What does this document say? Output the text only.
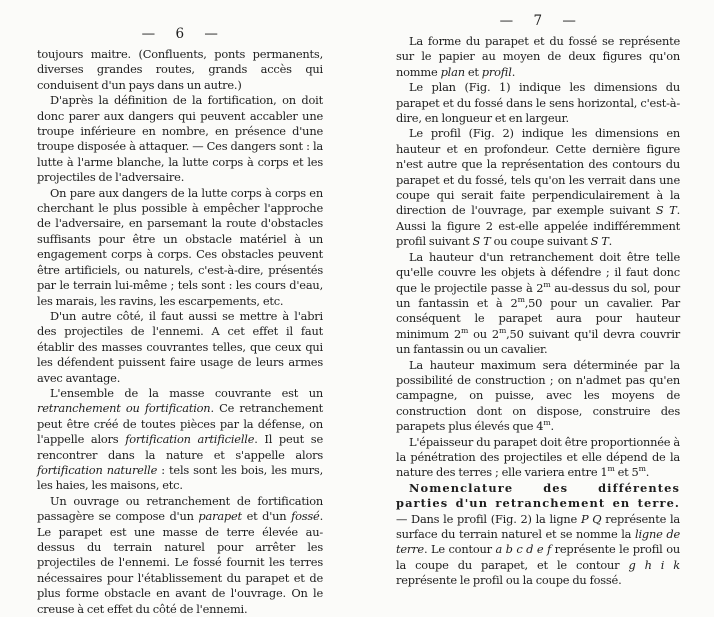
— 6 —
toujours maitre. (Confluents, ponts permanents, diverses grandes routes, grands accès qui conduisent d'un pays dans un autre.)
D'après la définition de la fortification, on doit donc parer aux dangers qui peuvent accabler une troupe inférieure en nombre, en présence d'une troupe disposée à attaquer. — Ces dangers sont : la lutte à l'arme blanche, la lutte corps à corps et les projectiles de l'adversaire.
On pare aux dangers de la lutte corps à corps en cherchant le plus possible à empêcher l'approche de l'adversaire, en parsemant la route d'obstacles suffisants pour être un obstacle matériel à un engagement corps à corps. Ces obstacles peuvent être artificiels, ou naturels, c'est-à-dire, présentés par le terrain lui-même ; tels sont : les cours d'eau, les marais, les ravins, les escarpements, etc.
D'un autre côté, il faut aussi se mettre à l'abri des projectiles de l'ennemi. A cet effet il faut établir des masses couvrantes telles, que ceux qui les défendent puissent faire usage de leurs armes avec avantage.
L'ensemble de la masse couvrante est un retranchement ou fortification. Ce retranchement peut être créé de toutes pièces par la défense, on l'appelle alors fortification artificielle. Il peut se rencontrer dans la nature et s'appelle alors fortification naturelle : tels sont les bois, les murs, les haies, les maisons, etc.
Un ouvrage ou retranchement de fortification passagère se compose d'un parapet et d'un fossé. Le parapet est une masse de terre élevée au-dessus du terrain naturel pour arrêter les projectiles de l'ennemi. Le fossé fournit les terres nécessaires pour l'établissement du parapet et de plus forme obstacle en avant de l'ouvrage. On le creuse à cet effet du côté de l'ennemi.
— 7 —
La forme du parapet et du fossé se représente sur le papier au moyen de deux figures qu'on nomme plan et profil.
Le plan (Fig. 1) indique les dimensions du parapet et du fossé dans le sens horizontal, c'est-à-dire, en longueur et en largeur.
Le profil (Fig. 2) indique les dimensions en hauteur et en profondeur. Cette dernière figure n'est autre que la représentation des contours du parapet et du fossé, tels qu'on les verrait dans une coupe qui serait faite perpendiculairement à la direction de l'ouvrage, par exemple suivant S T. Aussi la figure 2 est-elle appelée indifféremment profil suivant S T ou coupe suivant S T.
La hauteur d'un retranchement doit être telle qu'elle couvre les objets à défendre ; il faut donc que le projectile passe à 2$^m$ au-dessus du sol, pour un fantassin et à 2$^m$,50 pour un cavalier. Par conséquent le parapet aura pour hauteur minimum 2$^m$ ou 2$^m$,50 suivant qu'il devra couvrir un fantassin ou un cavalier.
La hauteur maximum sera déterminée par la possibilité de construction ; on n'admet pas qu'en campagne, on puisse, avec les moyens de construction dont on dispose, construire des parapets plus élevés que 4$^m$.
L'épaisseur du parapet doit être proportionnée à la pénétration des projectiles et elle dépend de la nature des terres ; elle variera entre 1$^m$ et 5$^m$.
Nomenclature des différentes parties d'un retranchement en terre. — Dans le profil (Fig. 2) la ligne P Q représente la surface du terrain naturel et se nomme la ligne de terre. Le contour a b c d e f représente le profil ou la coupe du parapet, et le contour g h i k représente le profil ou la coupe du fossé.
